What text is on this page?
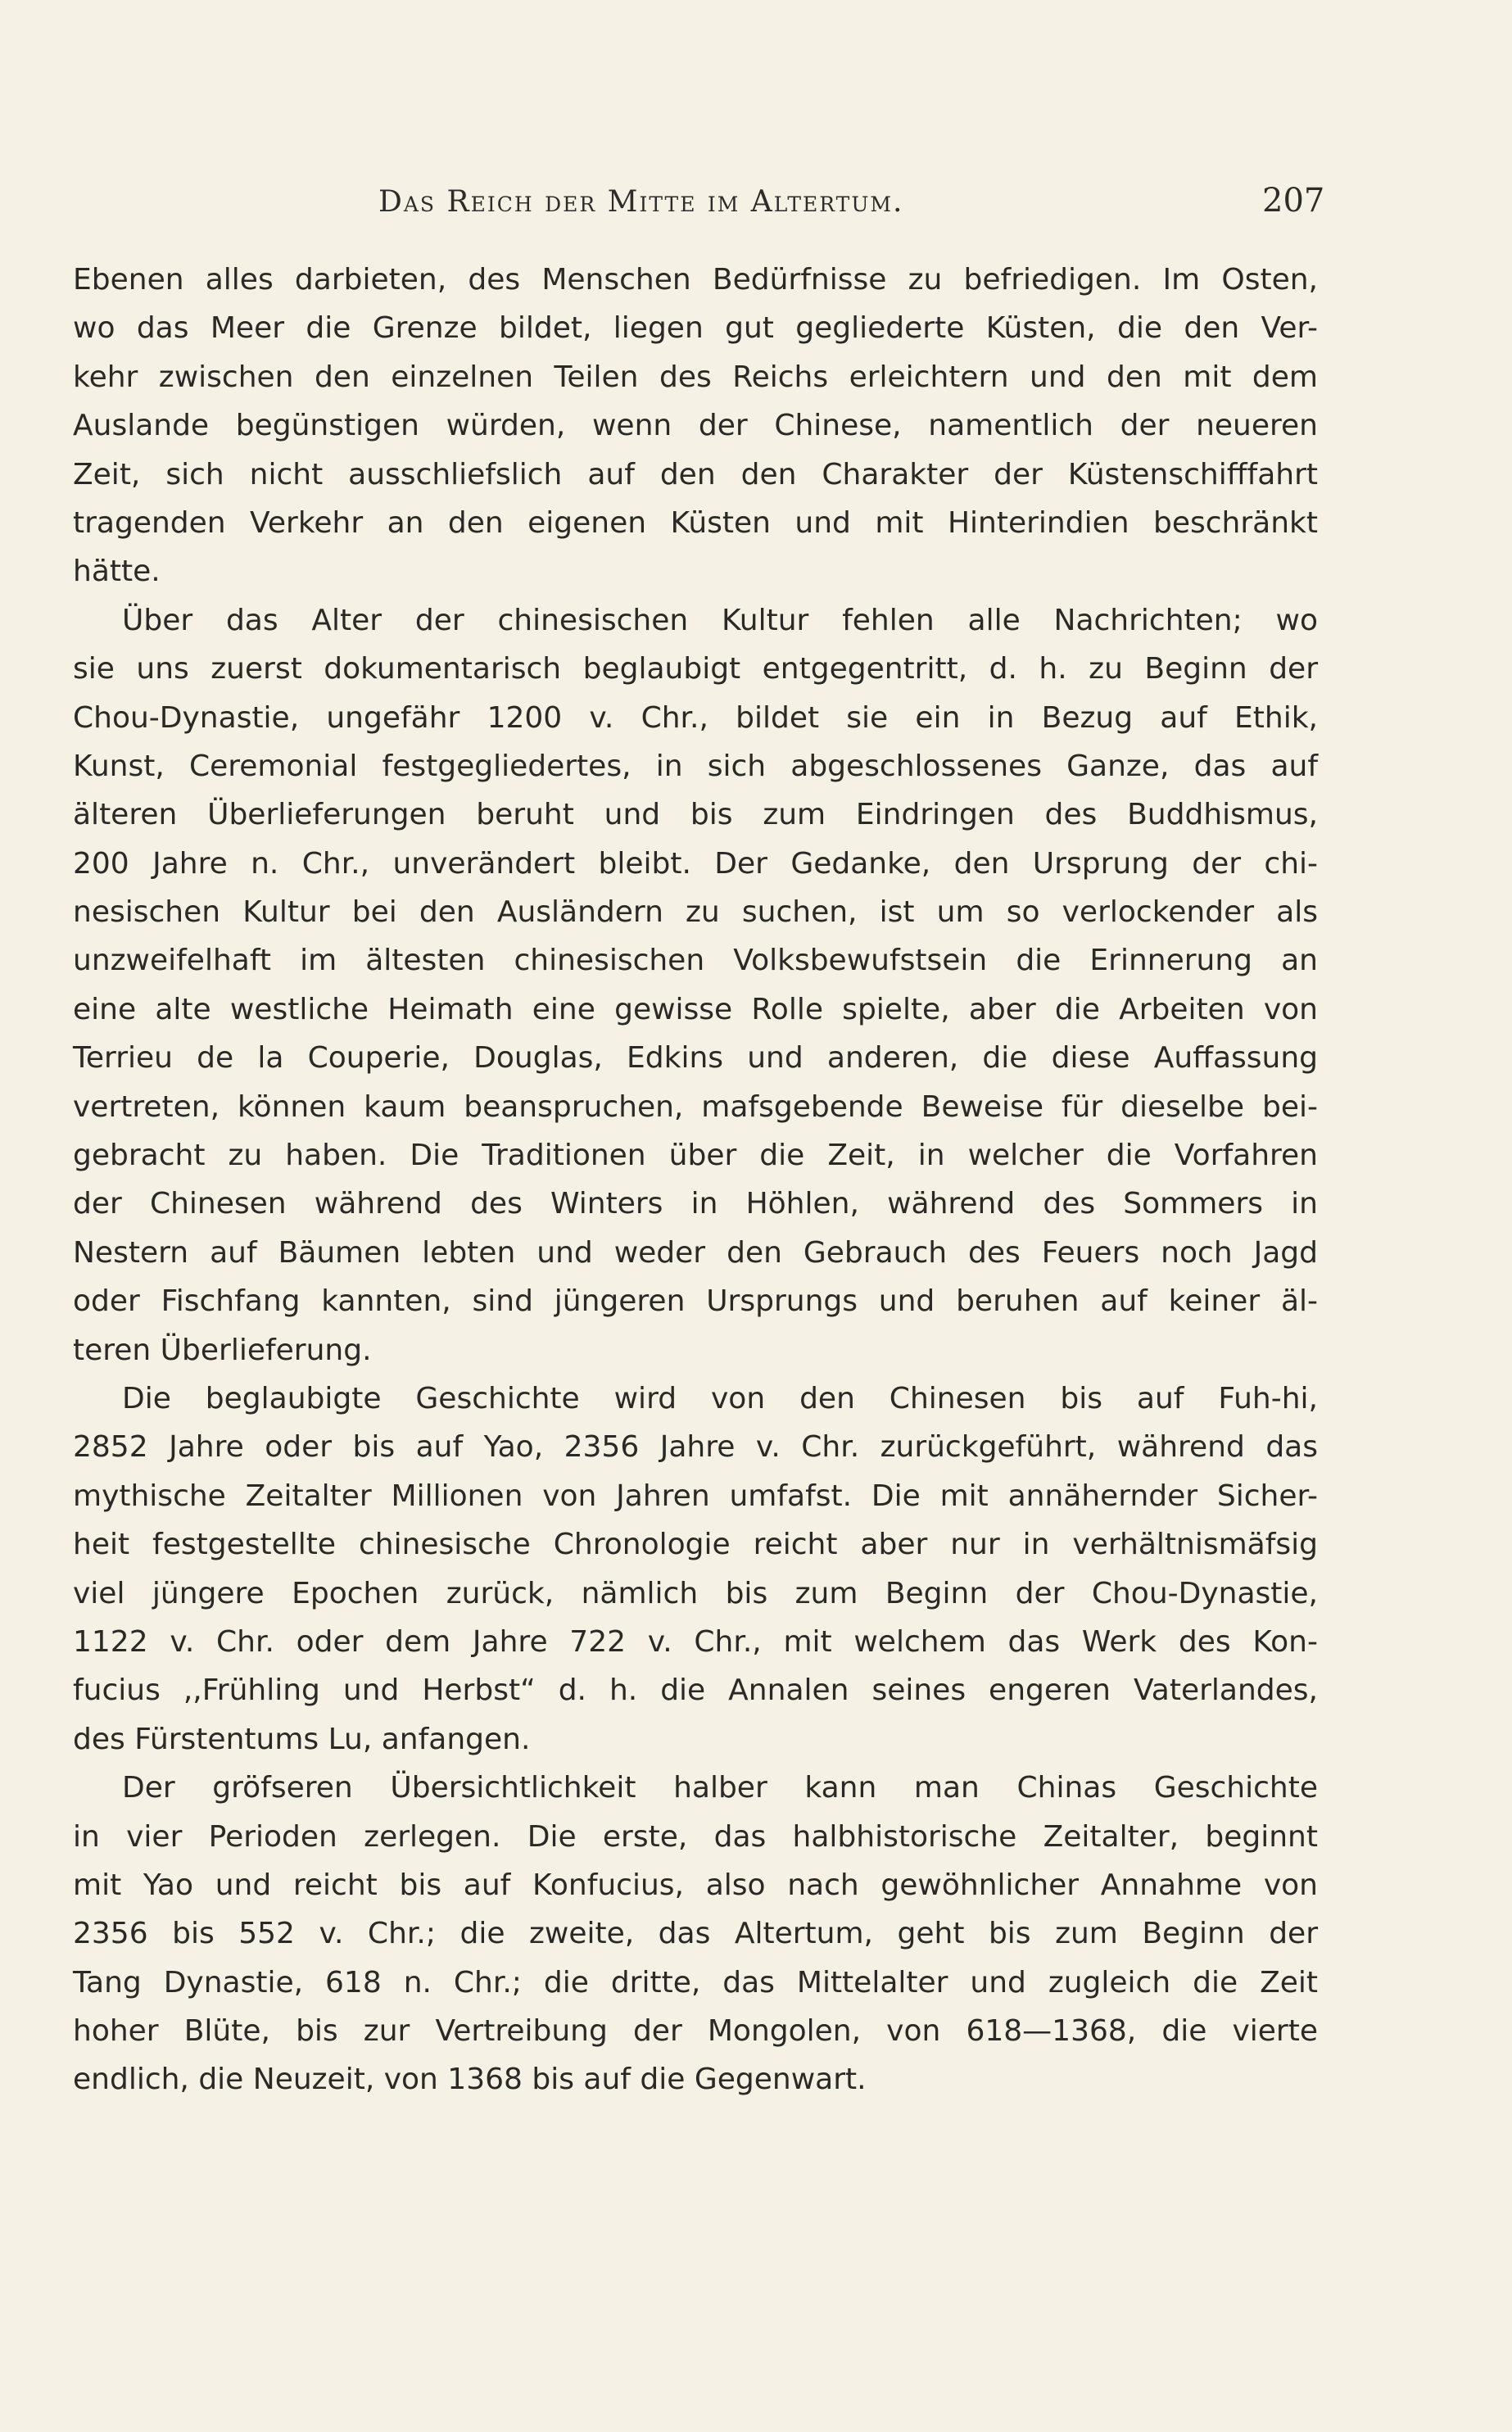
Das Reich der Mitte im Altertum.	207
Ebenen alles darbieten, des Menschen Bedürfnisse zu befriedigen. Im Osten,
wo das Meer die Grenze bildet, liegen gut gegliederte Küsten, die den Ver-
kehr zwischen den einzelnen Teilen des Reichs erleichtern und den mit dem
Auslande begünstigen würden, wenn der Chinese, namentlich der neueren
Zeit, sich nicht ausschliefslich auf den den Charakter der Küstenschifffahrt
tragenden Verkehr an den eigenen Küsten und mit Hinterindien beschränkt
hätte.
Über das Alter der chinesischen Kultur fehlen alle Nachrichten; wo
sie uns zuerst dokumentarisch beglaubigt entgegentritt, d. h. zu Beginn der
Chou-Dynastie, ungefähr 1200 v. Chr., bildet sie ein in Bezug auf Ethik,
Kunst, Ceremonial festgegliedertes, in sich abgeschlossenes Ganze, das auf
älteren Überlieferungen beruht und bis zum Eindringen des Buddhismus,
200 Jahre n. Chr., unverändert bleibt. Der Gedanke, den Ursprung der chi-
nesischen Kultur bei den Ausländern zu suchen, ist um so verlockender als
unzweifelhaft im ältesten chinesischen Volksbewufstsein die Erinnerung an
eine alte westliche Heimath eine gewisse Rolle spielte, aber die Arbeiten von
Terrieu de la Couperie, Douglas, Edkins und anderen, die diese Auffassung
vertreten, können kaum beanspruchen, mafsgebende Beweise für dieselbe bei-
gebracht zu haben. Die Traditionen über die Zeit, in welcher die Vorfahren
der Chinesen während des Winters in Höhlen, während des Sommers in
Nestern auf Bäumen lebten und weder den Gebrauch des Feuers noch Jagd
oder Fischfang kannten, sind jüngeren Ursprungs und beruhen auf keiner äl-
teren Überlieferung.
Die beglaubigte Geschichte wird von den Chinesen bis auf Fuh-hi,
2852 Jahre oder bis auf Yao, 2356 Jahre v. Chr. zurückgeführt, während das
mythische Zeitalter Millionen von Jahren umfafst. Die mit annähernder Sicher-
heit festgestellte chinesische Chronologie reicht aber nur in verhältnismäfsig
viel jüngere Epochen zurück, nämlich bis zum Beginn der Chou-Dynastie,
1122 v. Chr. oder dem Jahre 722 v. Chr., mit welchem das Werk des Kon-
fucius ,,Frühling und Herbst“ d. h. die Annalen seines engeren Vaterlandes,
des Fürstentums Lu, anfangen.
Der gröfseren Übersichtlichkeit halber kann man Chinas Geschichte
in vier Perioden zerlegen. Die erste, das halbhistorische Zeitalter, beginnt
mit Yao und reicht bis auf Konfucius, also nach gewöhnlicher Annahme von
2356 bis 552 v. Chr.; die zweite, das Altertum, geht bis zum Beginn der
Tang Dynastie, 618 n. Chr.; die dritte, das Mittelalter und zugleich die Zeit
hoher Blüte, bis zur Vertreibung der Mongolen, von 618—1368, die vierte
endlich, die Neuzeit, von 1368 bis auf die Gegenwart.
